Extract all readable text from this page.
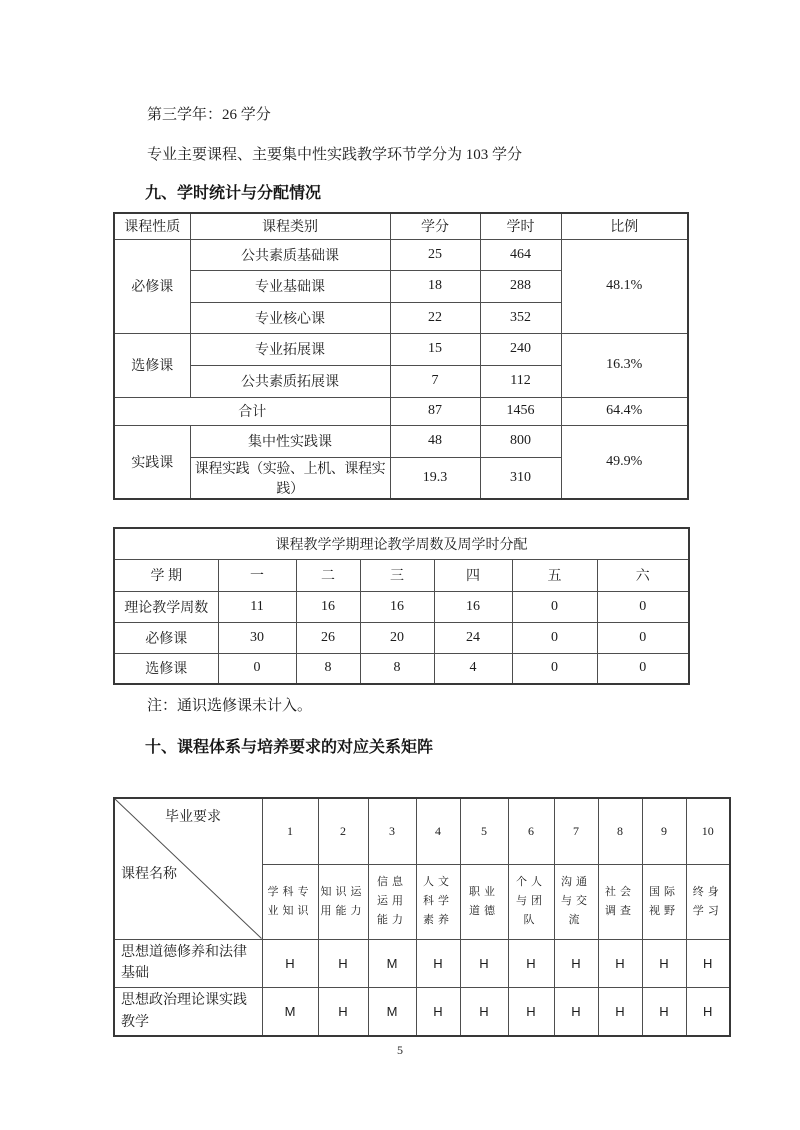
第三学年：26 学分

专业主要课程、主要集中性实践教学环节学分为 103 学分

九、学时统计与分配情况
课程性质	课程类别	学分	学时	比例
必修课	公共素质基础课	25	464	48.1%
	专业基础课	18	288	
	专业核心课	22	352	
选修课	专业拓展课	15	240	16.3%
	公共素质拓展课	7	112	
合计		87	1456	64.4%
实践课	集中性实践课	48	800	49.9%
	课程实践（实验、上机、课程实践）	19.3	310	
课程教学学期理论教学周数及周学时分配						
学 期	一	二	三	四	五	六
理论教学周数	11	16	16	16	0	0
必修课	30	26	20	24	0	0
选修课	0	8	8	4	0	0

注：通识选修课未计入。

十、课程体系与培养要求的对应关系矩阵
毕业要求
课程名称	1	2	3	4	5	6	7	8	9	10
	学科专业知识	知识运用能力	信息运用能力	人文科学素养	职业道德	个人与团队	沟通与交流	社会调查	国际视野	终身学习
思想道德修养和法律基础	H	H	M	H	H	H	H	H	H	H
思想政治理论课实践教学	M	H	M	H	H	H	H	H	H	H
5
